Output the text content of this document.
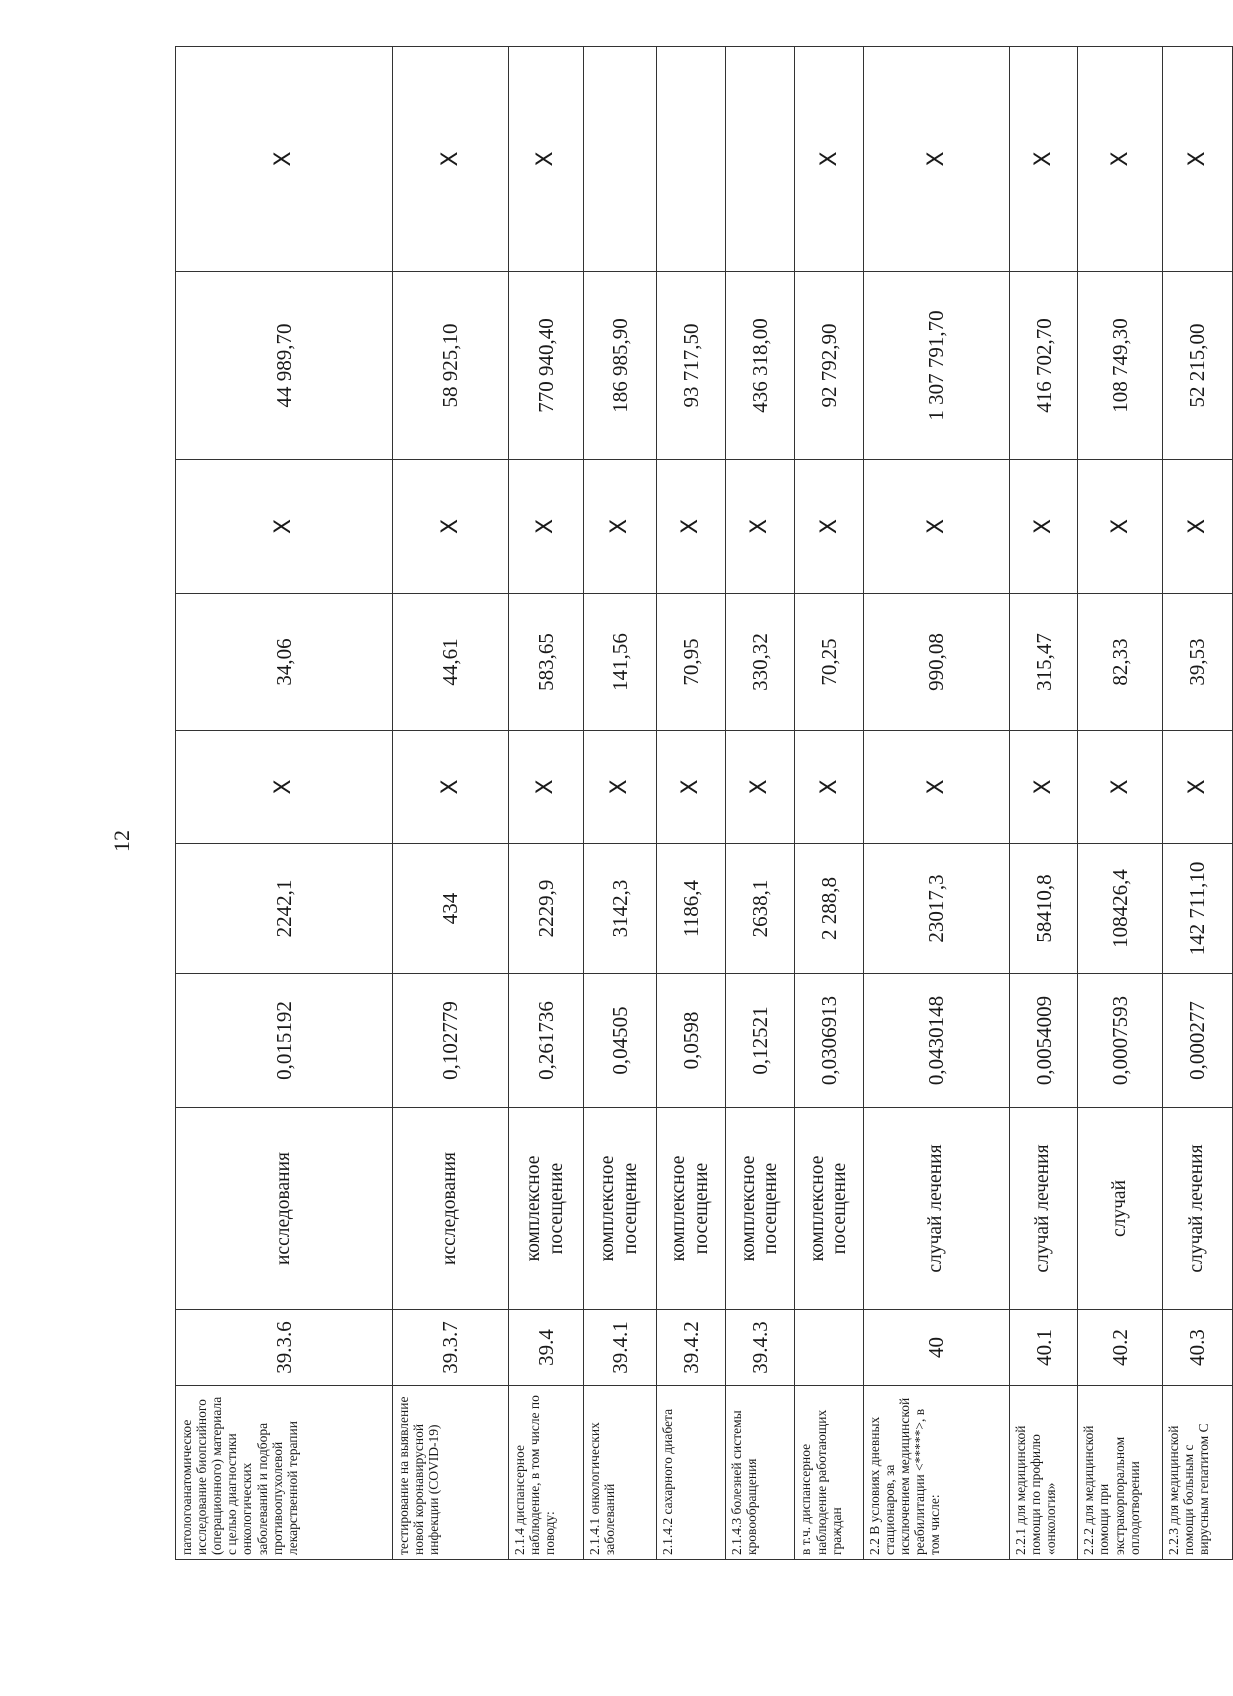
12
патологоанатомическое исследование биопсийного (операционного) материала с целью диагностики онкологических заболеваний и подбора противоопухолевой лекарственной терапии	39.3.6	исследования	0,015192	2242,1	X	34,06	X	44 989,70	X
тестирование на выявление новой коронавирусной инфекции (COVID-19)	39.3.7	исследования	0,102779	434	X	44,61	X	58 925,10	X
2.1.4 диспансерное наблюдение, в том числе по поводу:	39.4	комплексное посещение	0,261736	2229,9	X	583,65	X	770 940,40	X
2.1.4.1 онкологических заболеваний	39.4.1	комплексное посещение	0,04505	3142,3	X	141,56	X	186 985,90	
2.1.4.2 сахарного диабета	39.4.2	комплексное посещение	0,0598	1186,4	X	70,95	X	93 717,50	
2.1.4.3 болезней системы кровообращения	39.4.3	комплексное посещение	0,12521	2638,1	X	330,32	X	436 318,00	
в т.ч. диспансерное наблюдение работающих граждан		комплексное посещение	0,0306913	2 288,8	X	70,25	X	92 792,90	X
2.2 В условиях дневных стационаров, за исключением медицинской реабилитации <*****>, в том числе:	40	случай лечения	0,0430148	23017,3	X	990,08	X	1 307 791,70	X
2.2.1 для медицинской помощи по профилю «онкология»	40.1	случай лечения	0,0054009	58410,8	X	315,47	X	416 702,70	X
2.2.2 для медицинской помощи при экстракорпоральном оплодотворении	40.2	случай	0,0007593	108426,4	X	82,33	X	108 749,30	X
2.2.3 для медицинской помощи больным с вирусным гепатитом С	40.3	случай лечения	0,000277	142 711,10	X	39,53	X	52 215,00	X
